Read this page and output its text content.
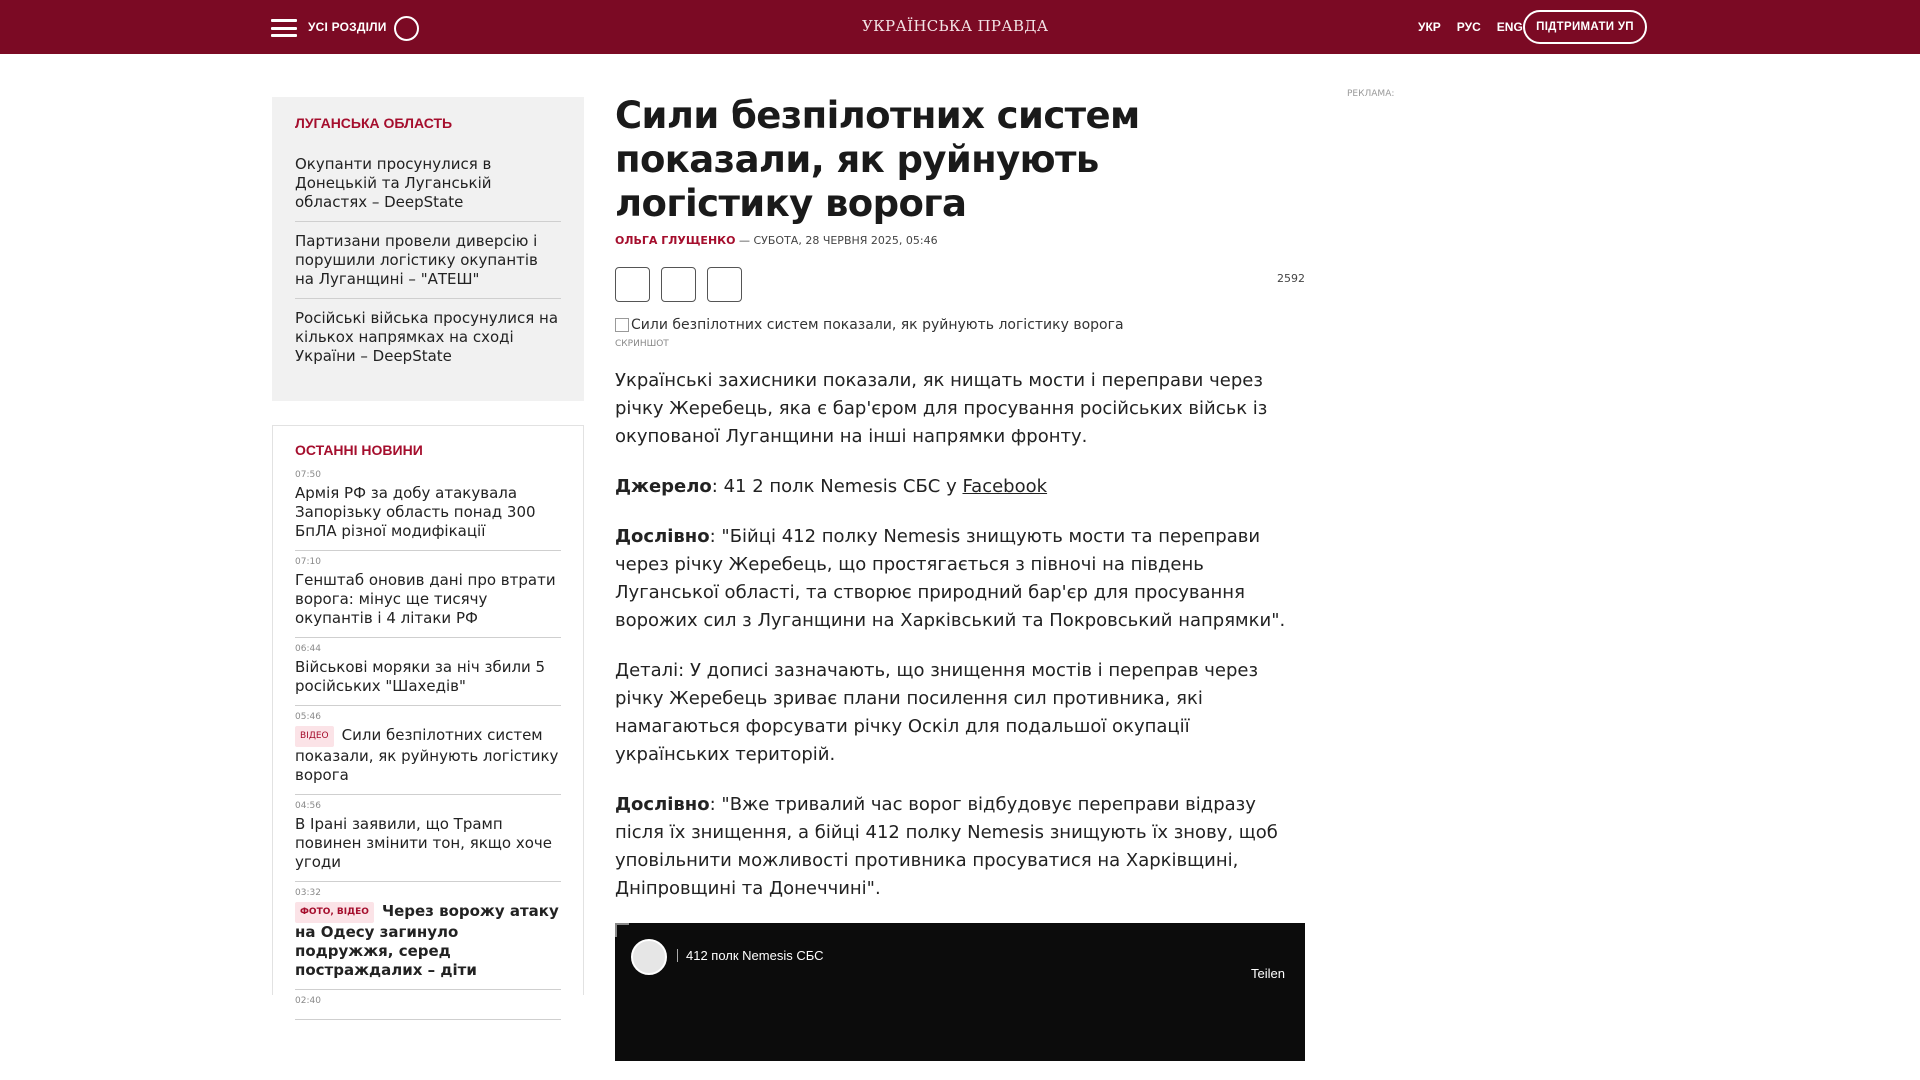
УСІ РОЗДІЛИ	УКРАЇНСЬКА ПРАВДА	УКР РУС ENG	ПІДТРИМАТИ УП
ЛУГАНСЬКА ОБЛАСТЬ
Окупанти просунулися в Донецькій та Луганській областях – DeepState
Партизани провели диверсію і порушили логістику окупантів на Луганщині – "АТЕШ"
Російські війська просунулися на кількох напрямках на сході України – DeepState
ОСТАННІ НОВИНИ
07:50
Армія РФ за добу атакувала Запорізьку область понад 300 БпЛА різної модифікації
07:10
Генштаб оновив дані про втрати ворога: мінус ще тисячу окупантів і 4 літаки РФ
06:44
Військові моряки за ніч збили 5 російських "Шахедів"
05:46
ВІДЕО Сили безпілотних систем показали, як руйнують логістику ворога
04:56
В Ірані заявили, що Трамп повинен змінити тон, якщо хоче угоди
03:32
ФОТО, ВІДЕО Через ворожу атаку на Одесу загинуло подружжя, серед постраждалих – діти
02:40
Сили безпілотних систем показали, як руйнують логістику ворога
ОЛЬГА ГЛУЩЕНКО — СУБОТА, 28 ЧЕРВНЯ 2025, 05:46
2592
Сили безпілотних систем показали, як руйнують логістику ворога
СКРИНШОТ

Українські захисники показали, як нищать мости і переправи через річку Жеребець, яка є бар'єром для просування російських військ із окупованої Луганщини на інші напрямки фронту.

Джерело: 41 2 полк Nemesis СБС у Facebook

Дослівно: "Бійці 412 полку Nemesis знищують мости та переправи через річку Жеребець, що простягається з півночі на південь Луганської області, та створює природний бар'єр для просування ворожих сил з Луганщини на Харківський та Покровський напрямки".

Деталі: У дописі зазначають, що знищення мостів і переправ через річку Жеребець зриває плани посилення сил противника, які намагаються форсувати річку Оскіл для подальшої окупації українських територій.

Дослівно: "Вже тривалий час ворог відбудовує переправи відразу після їх знищення, а бійці 412 полку Nemesis знищують їх знову, щоб уповільнити можливості противника просуватися на Харківщині, Дніпровщині та Донеччині".

412 полк Nemesis СБС
Teilen
РЕКЛАМА:
